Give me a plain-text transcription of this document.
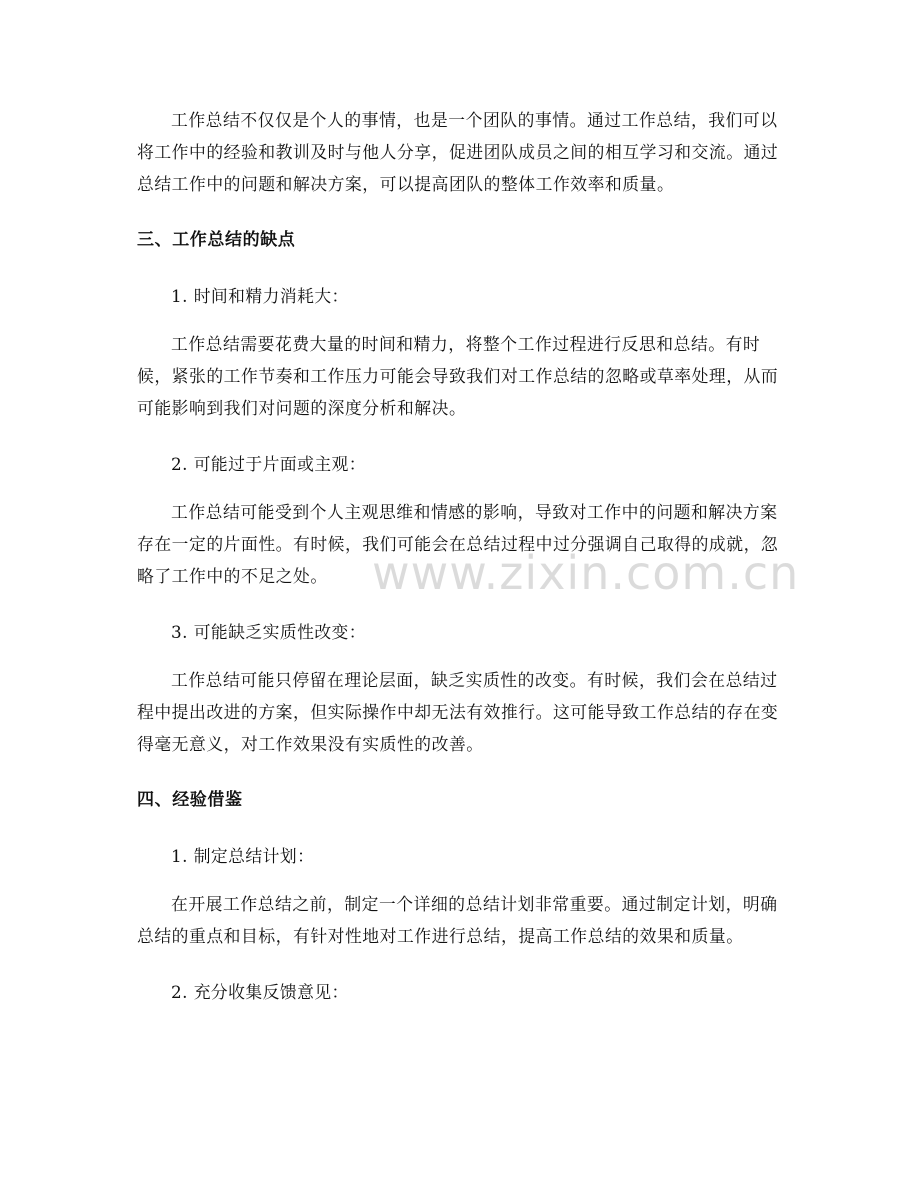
工作总结不仅仅是个人的事情，也是一个团队的事情。通过工作总结，我们可以将工作中的经验和教训及时与他人分享，促进团队成员之间的相互学习和交流。通过总结工作中的问题和解决方案，可以提高团队的整体工作效率和质量。

三、工作总结的缺点

1. 时间和精力消耗大：

工作总结需要花费大量的时间和精力，将整个工作过程进行反思和总结。有时候，紧张的工作节奏和工作压力可能会导致我们对工作总结的忽略或草率处理，从而可能影响到我们对问题的深度分析和解决。

2. 可能过于片面或主观：

工作总结可能受到个人主观思维和情感的影响，导致对工作中的问题和解决方案存在一定的片面性。有时候，我们可能会在总结过程中过分强调自己取得的成就，忽略了工作中的不足之处。

3. 可能缺乏实质性改变：

工作总结可能只停留在理论层面，缺乏实质性的改变。有时候，我们会在总结过程中提出改进的方案，但实际操作中却无法有效推行。这可能导致工作总结的存在变得毫无意义，对工作效果没有实质性的改善。

四、经验借鉴

1. 制定总结计划：

在开展工作总结之前，制定一个详细的总结计划非常重要。通过制定计划，明确总结的重点和目标，有针对性地对工作进行总结，提高工作总结的效果和质量。

2. 充分收集反馈意见：

www.zixin.com.cn
